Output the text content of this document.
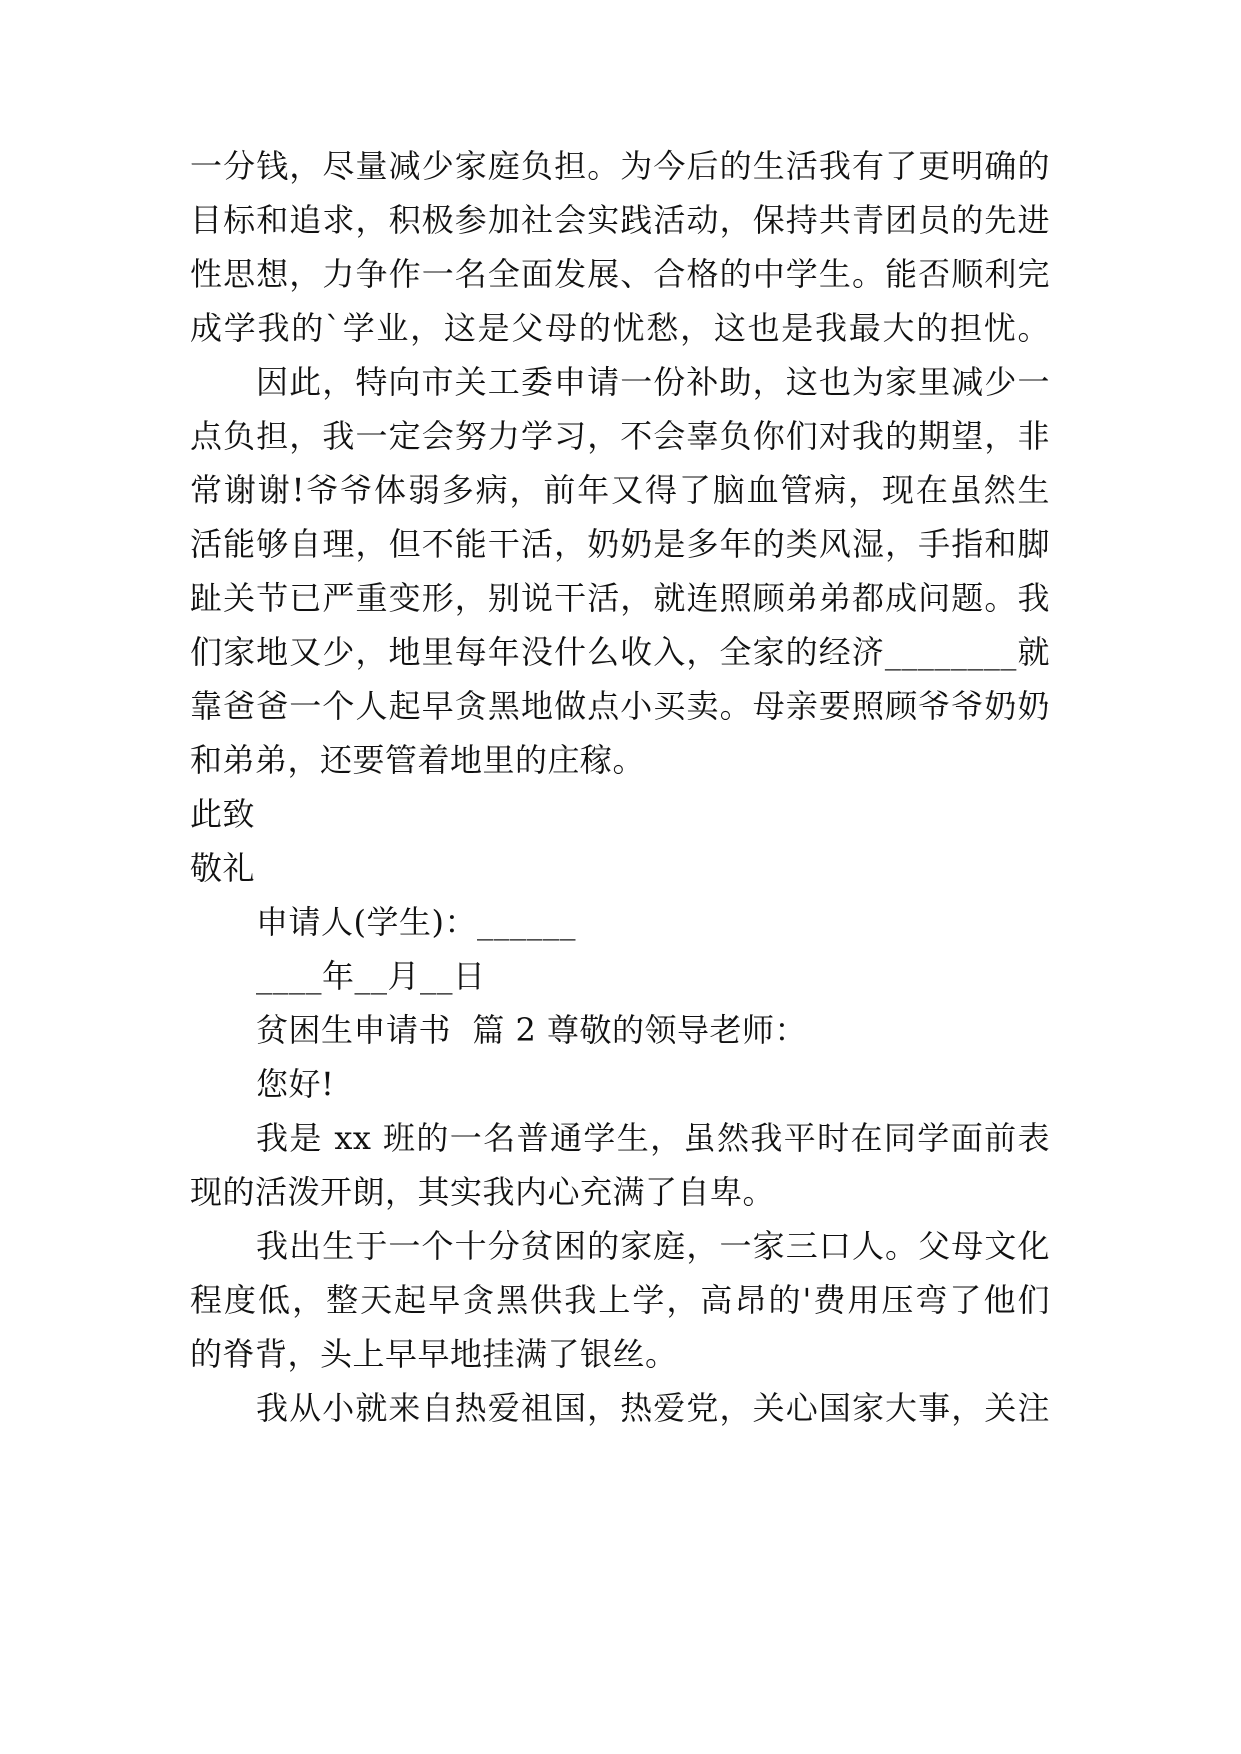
一分钱，尽量减少家庭负担。为今后的生活我有了更明确的
目标和追求，积极参加社会实践活动，保持共青团员的先进
性思想，力争作一名全面发展、合格的中学生。能否顺利完
成学我的`学业，这是父母的忧愁，这也是我最大的担忧。
因此，特向市关工委申请一份补助，这也为家里减少一
点负担，我一定会努力学习，不会辜负你们对我的期望，非
常谢谢!爷爷体弱多病，前年又得了脑血管病，现在虽然生
活能够自理，但不能干活，奶奶是多年的类风湿，手指和脚
趾关节已严重变形，别说干活，就连照顾弟弟都成问题。我
们家地又少，地里每年没什么收入，全家的经济________就
靠爸爸一个人起早贪黑地做点小买卖。母亲要照顾爷爷奶奶
和弟弟，还要管着地里的庄稼。
此致
敬礼
申请人(学生)：______
____年__月__日
贫困生申请书  篇 2 尊敬的领导老师：
您好!
我是 xx 班的一名普通学生，虽然我平时在同学面前表
现的活泼开朗，其实我内心充满了自卑。
我出生于一个十分贫困的家庭，一家三口人。父母文化
程度低，整天起早贪黑供我上学，高昂的'费用压弯了他们
的脊背，头上早早地挂满了银丝。
我从小就来自热爱祖国，热爱党，关心国家大事，关注
